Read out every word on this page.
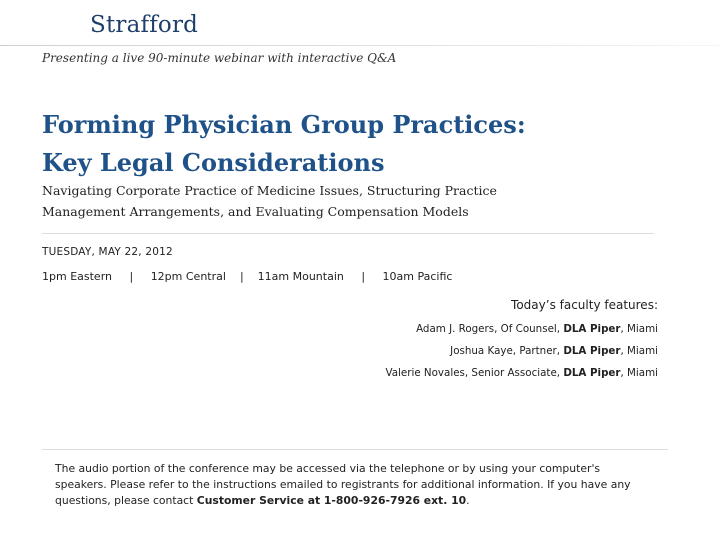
Strafford
Presenting a live 90-minute webinar with interactive Q&A
Forming Physician Group Practices:
Key Legal Considerations
Navigating Corporate Practice of Medicine Issues, Structuring Practice
Management Arrangements, and Evaluating Compensation Models
TUESDAY, MAY 22, 2012
1pm Eastern | 12pm Central | 11am Mountain | 10am Pacific
Today’s faculty features:
Adam J. Rogers, Of Counsel, DLA Piper, Miami
Joshua Kaye, Partner, DLA Piper, Miami
Valerie Novales, Senior Associate, DLA Piper, Miami
The audio portion of the conference may be accessed via the telephone or by using your computer's speakers. Please refer to the instructions emailed to registrants for additional information. If you have any questions, please contact Customer Service at 1-800-926-7926 ext. 10.
